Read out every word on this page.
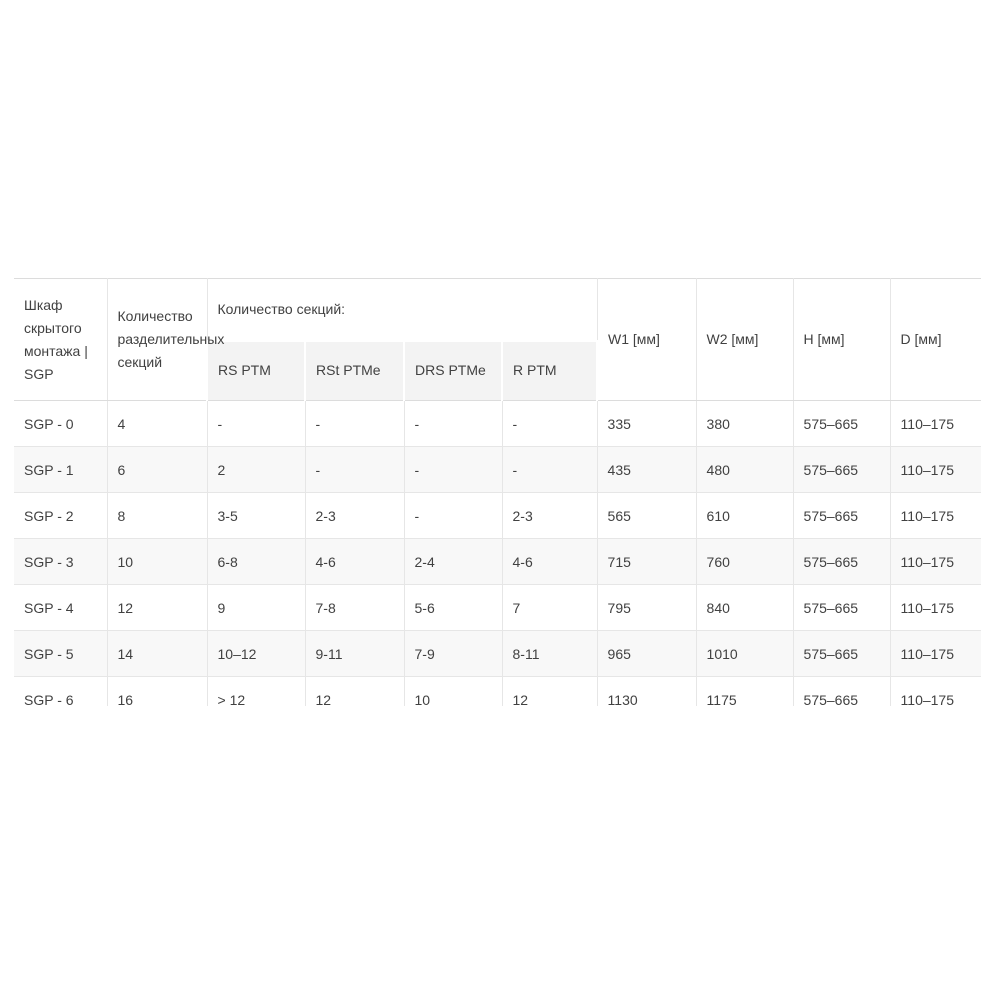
Шкаф скрытого монтажа | SGP	Количество разделительных секций	Количество секций:				W1 [мм]	W2 [мм]	H [мм]	D [мм]
		RS PTM	RSt PTMe	DRS PTMe	R PTM				
SGP - 0	4	-	-	-	-	335	380	575–665	110–175
SGP - 1	6	2	-	-	-	435	480	575–665	110–175
SGP - 2	8	3-5	2-3	-	2-3	565	610	575–665	110–175
SGP - 3	10	6-8	4-6	2-4	4-6	715	760	575–665	110–175
SGP - 4	12	9	7-8	5-6	7	795	840	575–665	110–175
SGP - 5	14	10–12	9-11	7-9	8-11	965	1010	575–665	110–175
SGP - 6	16	> 12	12	10	12	1130	1175	575–665	110–175
